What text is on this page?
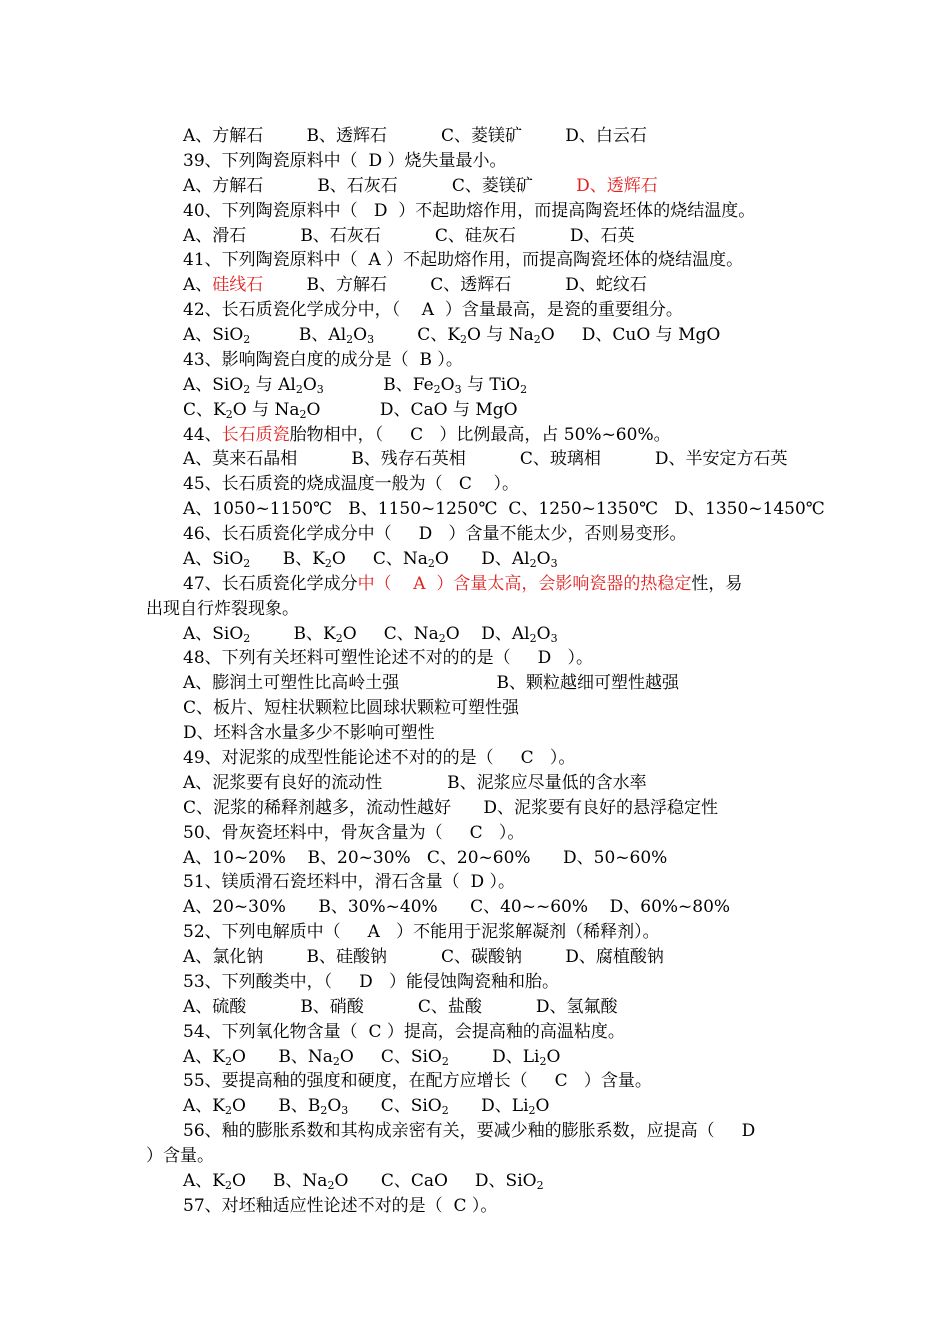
A、方解石        B、透辉石          C、菱镁矿        D、白云石
39、下列陶瓷原料中（  D ）烧失量最小。
A、方解石          B、石灰石          C、菱镁矿        D、透辉石
40、下列陶瓷原料中（   D  ）不起助熔作用，而提高陶瓷坯体的烧结温度。
A、滑石          B、石灰石          C、硅灰石          D、石英
41、下列陶瓷原料中（  A ）不起助熔作用，而提高陶瓷坯体的烧结温度。
A、硅线石        B、方解石        C、透辉石          D、蛇纹石
42、长石质瓷化学成分中，（    A  ）含量最高，是瓷的重要组分。
A、SiO$_2$         B、$Al_2O_3$        C、$K_2O$ 与 $Na_2O$     D、CuO 与 MgO
43、影响陶瓷白度的成分是（  B ）。
A、SiO$_2$ 与 $Al_2O_3$           B、$Fe_2O_3$ 与 TiO$_2$
C、$K_2O$ 与 $Na_2O$           D、CaO 与 MgO
44、长石质瓷胎物相中，（     C   ）比例最高，占 50%~60%。
A、莫来石晶相          B、残存石英相          C、玻璃相          D、半安定方石英
45、长石质瓷的烧成温度一般为（   C    ）。
A、1050~1150℃   B、1150~1250℃  C、1250~1350℃   D、1350~1450℃
46、长石质瓷化学成分中（     D   ）含量不能太少，否则易变形。
A、SiO$_2$      B、$K_2O$     C、$Na_2O$      D、$Al_2O_3$
47、长石质瓷化学成分中（    A  ）含量太高，会影响瓷器的热稳定性，易
出现自行炸裂现象。
A、SiO$_2$        B、$K_2O$     C、$Na_2O$    D、$Al_2O_3$
48、下列有关坯料可塑性论述不对的的是（     D   ）。
A、膨润土可塑性比高岭土强                  B、颗粒越细可塑性越强
C、板片、短柱状颗粒比圆球状颗粒可塑性强
D、坯料含水量多少不影响可塑性
49、对泥浆的成型性能论述不对的的是（     C   ）。
A、泥浆要有良好的流动性            B、泥浆应尽量低的含水率
C、泥浆的稀释剂越多，流动性越好      D、泥浆要有良好的悬浮稳定性
50、骨灰瓷坯料中，骨灰含量为（     C   ）。
A、10~20%    B、20~30%   C、20~60%      D、50~60%
51、镁质滑石瓷坯料中，滑石含量（  D ）。
A、20~30%      B、30%~40%      C、40~~60%    D、60%~80%
52、下列电解质中（     A   ）不能用于泥浆解凝剂（稀释剂）。
A、氯化钠        B、硅酸钠          C、碳酸钠        D、腐植酸钠
53、下列酸类中，（     D   ）能侵蚀陶瓷釉和胎。
A、硫酸          B、硝酸          C、盐酸          D、氢氟酸
54、下列氧化物含量（  C ）提高，会提高釉的高温粘度。
A、$K_2O$      B、$Na_2O$     C、SiO$_2$        D、$Li_2O$
55、要提高釉的强度和硬度，在配方应增长（     C   ）含量。
A、$K_2O$      B、$B_2O_3$      C、SiO$_2$      D、$Li_2O$
56、釉的膨胀系数和其构成亲密有关，要减少釉的膨胀系数，应提高（     D
）含量。
A、$K_2O$     B、$Na_2O$      C、CaO     D、SiO$_2$
57、对坯釉适应性论述不对的是（  C ）。
